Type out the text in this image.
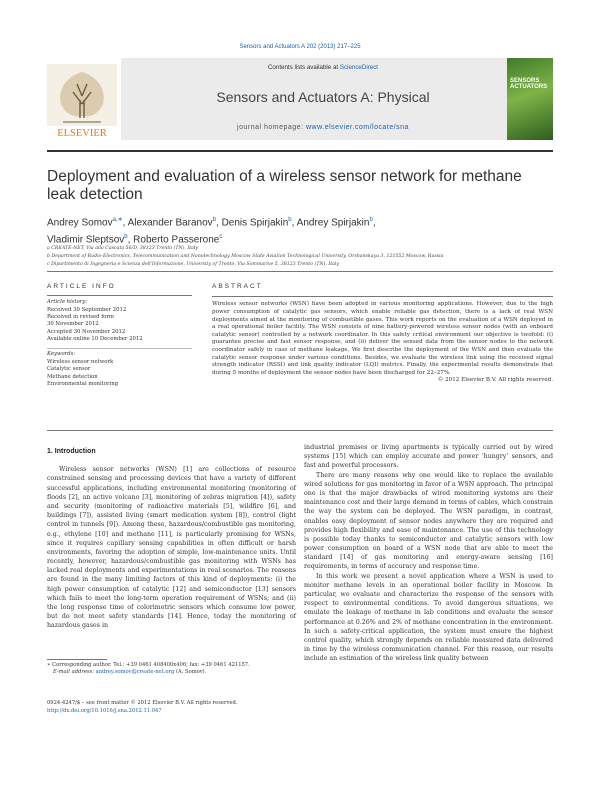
Sensors and Actuators A 202 (2013) 217–225
ELSEVIER
Contents lists available at ScienceDirect
Sensors and Actuators A: Physical
journal homepage: www.elsevier.com/locate/sna
SENSORS
ACTUATORS
Deployment and evaluation of a wireless sensor network for methane
leak detection
Andrey Somov$^{a,∗}$, Alexander Baranov$^b$, Denis Spirjakin$^b$, Andrey Spirjakin$^b$,
Vladimir Sleptsov$^b$, Roberto Passerone$^c$
a CREATE-NET, Via alla Cascata 56/D, 38123 Trento (TN), Italy
b Department of Radio-Electronics, Telecommunication and Nanotechnology Moscow State Aviation Technological University, Orshanskaya 3, 121552 Moscow, Russia
c Dipartimento di Ingegneria e Scienza dell'Informazione, University of Trento, Via Sommarive 5, 38123 Trento (TN), Italy
ARTICLE INFO
Article history:
Received 30 September 2012
Received in revised form
30 November 2012
Accepted 30 November 2012
Available online 10 December 2012
Keywords:
Wireless sensor network
Catalytic sensor
Methane detection
Environmental monitoring
ABSTRACT
Wireless sensor networks (WSN) have been adopted in various monitoring applications. However, due to the high power consumption of catalytic gas sensors, which enable reliable gas detection, there is a lack of real WSN deployments aimed at the monitoring of combustible gases. This work reports on the evaluation of a WSN deployed in a real operational boiler facility. The WSN consists of nine battery-powered wireless sensor nodes (with an onboard catalytic sensor) controlled by a network coordinator. In this safety critical environment our objective is twofold: (i) guarantee precise and fast sensor response, and (ii) deliver the sensed data from the sensor nodes to the network coordinator safely in case of methane leakage. We first describe the deployment of the WSN and then evaluate the catalytic sensor response under various conditions. Besides, we evaluate the wireless link using the received signal strength indicator (RSSI) and link quality indicator (LQI) metrics. Finally, the experimental results demonstrate that during 5 months of deployment the sensor nodes have been discharged for 22–27%.
© 2012 Elsevier B.V. All rights reserved.
1. Introduction

Wireless sensor networks (WSN) [1] are collections of resource constrained sensing and processing devices that have a variety of different successful applications, including environmental monitoring (monitoring of floods [2], an active volcano [3], monitoring of zebras migration [4]), safety and security (monitoring of radioactive materials [5], wildfire [6], and buildings [7]), assisted living (smart medication system [8]), control (light control in tunnels [9]). Among these, hazardous/combustible gas monitoring, e.g., ethylene [10] and methane [11], is particularly promising for WSNs, since it requires capillary sensing capabilities in often difficult or harsh environments, favoring the adoption of simple, low-maintenance units. Until recently, however, hazardous/combustible gas monitoring with WSNs has lacked real deployments and experimentations in real scenarios. The reasons are found in the many limiting factors of this kind of deployments: (i) the high power consumption of catalytic [12] and semiconductor [13] sensors which fails to meet the long-term operation requirement of WSNs; and (ii) the long response time of colorimetric sensors which consume low power, but do not meet safety standards [14]. Hence, today the monitoring of hazardous gases in

industrial premises or living apartments is typically carried out by wired systems [15] which can employ accurate and power ‘hungry’ sensors, and fast and powerful processors.

There are many reasons why one would like to replace the available wired solutions for gas monitoring in favor of a WSN approach. The principal one is that the major drawbacks of wired monitoring systems are their maintenance cost and their large demand in terms of cables, which constrain the way the system can be deployed. The WSN paradigm, in contrast, enables easy deployment of sensor nodes anywhere they are required and provides high flexibility and ease of maintenance. The use of this technology is possible today thanks to semiconductor and catalytic sensors with low power consumption on board of a WSN node that are able to meet the standard [14] of gas monitoring and energy-aware sensing [16] requirements, in terms of accuracy and response time.

In this work we present a novel application where a WSN is used to monitor methane levels in an operational boiler facility in Moscow. In particular, we evaluate and characterize the response of the sensors with respect to environmental conditions. To avoid dangerous situations, we emulate the leakage of methane in lab conditions and evaluate the sensor performance at 0.26% and 2% of methane concentration in the environment. In such a safety-critical application, the system must ensure the highest control quality, which strongly depends on reliable measured data delivered in time by the wireless communication channel. For this reason, our results include an estimation of the wireless link quality between

∗ Corresponding author. Tel.: +39 0461 408400x406; fax: +39 0461 421157.
E-mail address: andrey.somov@create-net.org (A. Somov).
0924-4247/$ – see front matter © 2012 Elsevier B.V. All rights reserved.
http://dx.doi.org/10.1016/j.sna.2012.11.047
